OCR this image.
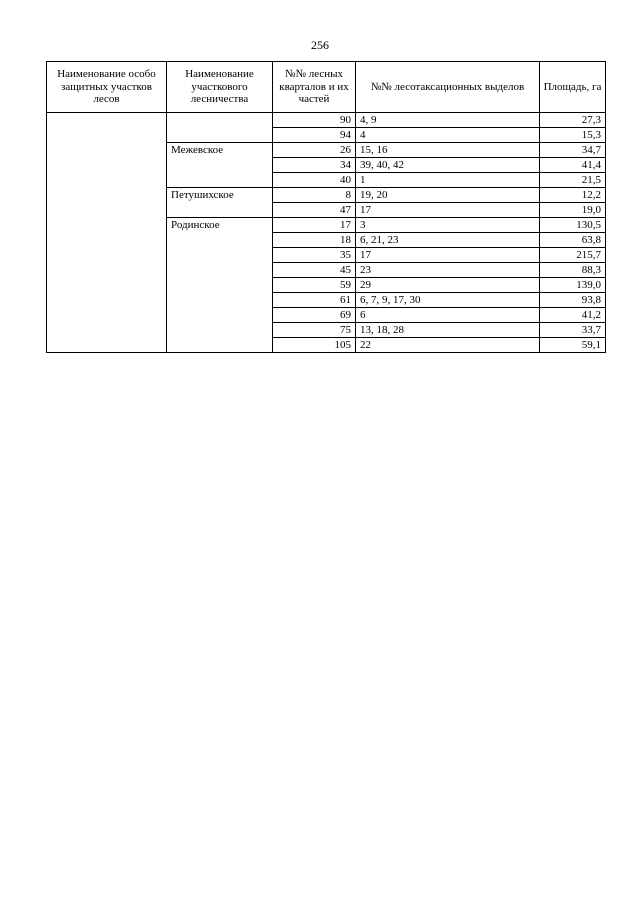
256
Наименование особо защитных участков лесов	Наименование участкового лесничества	№№ лесных кварталов и их частей	№№ лесотаксационных выделов	Площадь, га
		90	4, 9	27,3
		94	4	15,3
	Межевское	26	15, 16	34,7
		34	39, 40, 42	41,4
		40	1	21,5
	Петушихское	8	19, 20	12,2
		47	17	19,0
	Родинское	17	3	130,5
		18	6, 21, 23	63,8
		35	17	215,7
		45	23	88,3
		59	29	139,0
		61	6, 7, 9, 17, 30	93,8
		69	6	41,2
		75	13, 18, 28	33,7
		105	22	59,1
